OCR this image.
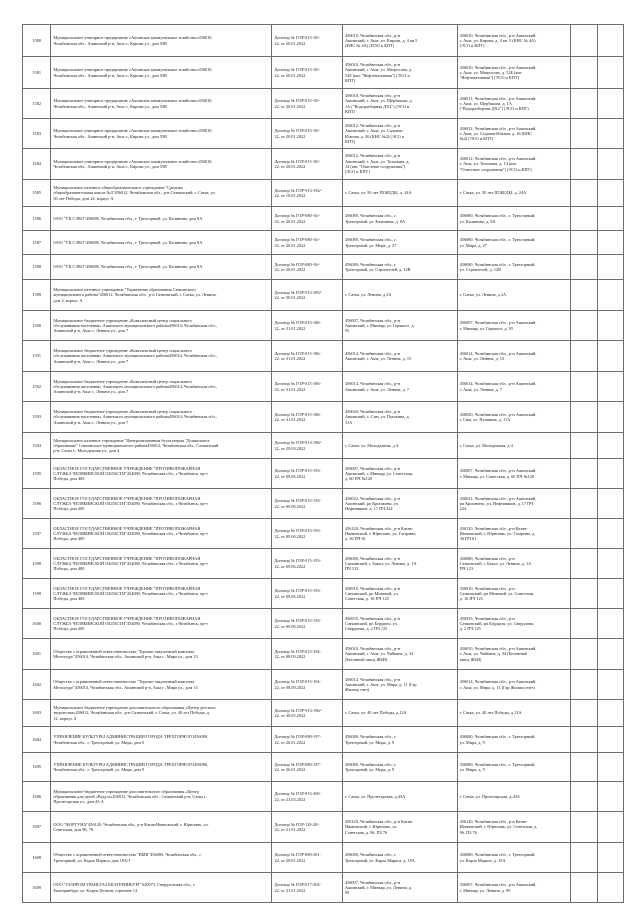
1580	Муниципальное унитарное предприятие «Ашинское коммунальное хозяйство»456010,
Челябинская обл., Ашинский р-н, Аша г., Кирова ул., дом 55В	Договор № ГОР-015-18/-
22, от 20.01.2022	456010, Челябинская обл., р-н
Ашинский, г. Аша, ул. Кирова, д. 4 кв.5
(КНС № 4А) (ПЭО и КПТ)	456010, Челябинская обл., р-н Ашинский,
г. Аша, ул. Кирова, д. 4 кв. 5 (КНС № 4А)
(ЭСО и КПТ)		

1581	Муниципальное унитарное предприятие «Ашинское коммунальное хозяйство»456010,
Челябинская обл., Ашинский р-н, Аша г., Кирова ул., дом 55В	Договор № ГОР-015-18/-
22, от 20.01.2022	456010, Челябинская обл., р-н
Ашинский, г. Аша, ул. Матросова, д.
52Б (кнс "Нефтеналивная") (ЭСО и
КПТ)	456010, Челябинская обл., р-н Ашинский,
г. Аша, ул. Матросова, д. 52Б (кнс
"Нефтеналивная") (ЭСО и КПТ)		

1582	Муниципальное унитарное предприятие «Ашинское коммунальное хозяйство»456010,
Челябинская обл., Ашинский р-н, Аша г., Кирова ул., дом 55В	Договор № ГОР-015-18/-
22, от 20.01.2022	456010, Челябинская обл., р-н
Ашинский, г. Аша, ул. Щербакова, д.
1А ("Водоразборная ДХ2") (ЭСО и
КПТ)	456011, Челябинская обл., р-н Ашинский,
г. Аша, ул. Щербакова, д. 1А
("Водоразборная ДХ2") (ЭСО и КПТ)		

1583	Муниципальное унитарное предприятие «Ашинское коммунальное хозяйство»456010,
Челябинская обл., Ашинский р-н, Аша г., Кирова ул., дом 55В	Договор № ГОР-015-18/-
22, от 20.01.2022	456012, Челябинская обл., р-н
Ашинский, г. Аша, ул. Садовая-
Южная, д. 26 (КНС №2) (ЭСО и
КПТ)	456012, Челябинская обл., р-н Ашинский,
г. Аша, ул. Садовая-Южная, д. 26 (КНС
№2) (ЭСО и КПТ)		

1584	Муниципальное унитарное предприятие «Ашинское коммунальное хозяйство»456010,
Челябинская обл., Ашинский р-н, Аша г., Кирова ул., дом 55В	Договор № ГОР-015-18/-
22, от 20.01.2022	456012, Челябинская обл., р-н
Ашинский, г. Аша, ул. Тельмана, д.
14 (кнс "Очистные сооружения")
(ЭСО и КПТ)	456012, Челябинская обл., р-н Ашинский,
г. Аша, ул. Тельмана, д. 14 (кнс
"Очистные сооружения") (ЭСО и КПТ)		

1585	Муниципальное казенное общеобразовательное учреждение "Средняя
общеобразовательная школа №3"456012, Челябинская обл., р-н Саткинский, г. Сатка, ул.
50 лет Победы, дом 24, корпус А	Договор № ГОР-913-192/-
22, от 10.01.2022	г. Сатка, ул. 50 лет ПОБЕДЫ, д. 24А	г. Сатка, ул. 50 лет ПОБЕДЫ, д. 24А		

1586	ООО "УК СЭКО"456080, Челябинская обл., г. Трехгорный, ул. Калинина, дом 8А	Договор № ГОР-080-16/-
22, от 20.01.2022	456080, Челябинская обл., г.
Трехгорный, ул. Калинина, д. 8А	456080, Челябинская обл., г. Трехгорный,
ул. Калинина, д. 8А		

1587	ООО "УК СЭКО"456080, Челябинская обл., г. Трехгорный, ул. Калинина, дом 8А	Договор № ГОР-080-16/-
22, от 20.01.2022	456080, Челябинская обл., г.
Трехгорный, ул. Мира, д. 27	456080, Челябинская обл., г. Трехгорный,
ул. Мира, д. 27		

1588	ООО "УК СЭКО"456080, Челябинская обл., г. Трехгорный, ул. Калинина, дом 8А	Договор № ГОР-080-16/-
22, от 20.01.2022	456080, Челябинская обл., г.
Трехгорный, ул. Строителей, д. 12В	456080, Челябинская обл., г. Трехгорный,
ул. Строителей, д. 12В		

1589	Муниципальное казенное учреждение "Управление образования Саткинского
муниципального района"456012, Челябинская обл., р-н Саткинский, г. Сатка, ул. Ленина,
дом 2, корпус А	Договор № ГОР-913-185/-
22, от 30.01.2022	г. Сатка, ул. Ленина, д 2А	г. Сатка, ул. Ленина, д 2А		

1590	Муниципальное бюджетное учреждение «Комплексный центр социального
обслуживания населения» Ашинского муниципального района456014, Челябинская обл.,
Ашинский р-н, Аша г., Ленина ул., дом 7	Договор № ГОР-015-186-
22, от 31.01.2022	456007, Челябинская обл., р-н
Ашинский, г. Миньяр, ул. Горького, д.
95	456007, Челябинская обл., р-н Ашинский,
г. Миньяр, ул. Горького, д. 95		

1591	Муниципальное бюджетное учреждение «Комплексный центр социального
обслуживания населения» Ашинского муниципального района456014, Челябинская обл.,
Ашинский р-н, Аша г., Ленина ул., дом 7	Договор № ГОР-015-186-
22, от 31.01.2022	456014, Челябинская обл., р-н
Ашинский, г. Аша, ул. Ленина, д. 15	456014, Челябинская обл., р-н Ашинский,
г. Аша, ул. Ленина, д. 15		

1592	Муниципальное бюджетное учреждение «Комплексный центр социального
обслуживания населения» Ашинского муниципального района456014, Челябинская обл.,
Ашинский р-н, Аша г., Ленина ул., дом 7	Договор № ГОР-015-186-
22, от 31.01.2022	456014, Челябинская обл., р-н
Ашинский, г. Аша, ул. Ленина, д. 7	456014, Челябинская обл., р-н Ашинский,
г. Аша, ул. Ленина, д. 7		

1593	Муниципальное бюджетное учреждение «Комплексный центр социального
обслуживания населения» Ашинского муниципального района456014, Челябинская обл.,
Ашинский р-н, Аша г., Ленина ул., дом 7	Договор № ГОР-015-186-
22, от 31.01.2022	456020, Челябинская обл., р-н
Ашинский, с. Сим, ул. Пушкина, д.
11А	456020, Челябинская обл., р-н Ашинский,
г. Сим, ул. Пушкина, д. 11А		

1594	Муниципальное казенное учреждение "Централизованная бухгалтерия "Дошкольное
образование" Саткинского муниципального района456012, Челябинская обл., Саткинский
р-н, Сатка г., Молодежная ул., дом 4	Договор № ГОР-913-188/-
22, от 29.03.2022	г. Сатка, ул. Молодежная, д 4	г. Сатка, ул. Молодежная, д 4		

1595	ОБЛАСТНОЕ ГОСУДАРСТВЕННОЕ УЧРЕЖДЕНИЕ "ПРОТИВОПОЖАРНАЯ
СЛУЖБА ЧЕЛЯБИНСКОЙ ОБЛАСТИ"454080, Челябинская обл., г.Челябинск, пр-т
Победы, дом 400	Договор № ГОР-015-193-
22, от 09.06.2022	456007, Челябинская обл., р-н
Ашинский, г. Миньяр, ул. Советская,
д. 60 ПЧ №120	456007, Челябинская обл., р-н Ашинский,
г. Миньяр, ул. Советская, д. 60 ПЧ №120		

1596	ОБЛАСТНОЕ ГОСУДАРСТВЕННОЕ УЧРЕЖДЕНИЕ "ПРОТИВОПОЖАРНАЯ
СЛУЖБА ЧЕЛЯБИНСКОЙ ОБЛАСТИ"454080, Челябинская обл., г.Челябинск, пр-т
Победы, дом 400	Договор № ГОР-015-193-
22, от 09.06.2022	456022, Челябинская обл., р-н
Ашинский, рп Кропачево, ул.
Нефтяников, д. 17 ПЧ 224	456022, Челябинская обл., р-н Ашинский,
рп Кропачево, ул. Нефтяников, д. 17 ПЧ
224		

1597	ОБЛАСТНОЕ ГОСУДАРСТВЕННОЕ УЧРЕЖДЕНИЕ "ПРОТИВОПОЖАРНАЯ
СЛУЖБА ЧЕЛЯБИНСКОЙ ОБЛАСТИ"454080, Челябинская обл., г.Челябинск, пр-т
Победы, дом 400	Договор № ГОР-015-193-
22, от 09.06.2022	456120, Челябинская обл., р-н Катав-
Ивановский, г. Юрюзань, ул. Гагарина,
д. 36 ПЧ 61	456120, Челябинская обл., р-н Катав-
Ивановский, г. Юрюзань, ул. Гагарина, д.
36 ПЧ 61		

1598	ОБЛАСТНОЕ ГОСУДАРСТВЕННОЕ УЧРЕЖДЕНИЕ "ПРОТИВОПОЖАРНАЯ
СЛУЖБА ЧЕЛЯБИНСКОЙ ОБЛАСТИ"454080, Челябинская обл., г.Челябинск, пр-т
Победы, дом 400	Договор № ГОР-015-193-
22, от 09.06.2022	456080, Челябинская обл., р-н
Саткинский, г. Бакал, ул. Ленина, д. 1А
ПЧ 123	456080, Челябинская обл., р-н
Саткинский, г. Бакал, ул. Ленина, д. 1А
ПЧ 123		

1599	ОБЛАСТНОЕ ГОСУДАРСТВЕННОЕ УЧРЕЖДЕНИЕ "ПРОТИВОПОЖАРНАЯ
СЛУЖБА ЧЕЛЯБИНСКОЙ ОБЛАСТИ"454080, Челябинская обл., г.Челябинск, пр-т
Победы, дом 400	Договор № ГОР-015-193-
22, от 09.06.2022	456910, Челябинская обл., р-н
Саткинский, рп Межевой, ул.
Советская, д. 16 ПЧ 125	456910, Челябинская обл., р-н
Саткинский, рп Межевой, ул. Советская,
д. 16 ПЧ 125		

1600	ОБЛАСТНОЕ ГОСУДАРСТВЕННОЕ УЧРЕЖДЕНИЕ "ПРОТИВОПОЖАРНАЯ
СЛУЖБА ЧЕЛЯБИНСКОЙ ОБЛАСТИ"454080, Челябинская обл., г.Челябинск, пр-т
Победы, дом 400	Договор № ГОР-015-193-
22, от 09.06.2022	456935, Челябинская обл., р-н
Саткинский, рп Бердяуш, ул.
Свердлова, д. 2 ПЧ 125	456935, Челябинская обл., р-н
Саткинский, рп Бердяуш, ул. Свердлова,
д. 2 ПЧ 125		

1601	Общество с ограниченной ответственностью "Торгово-закупочный комплекс
Металлург"456014, Челябинская обл., Ашинский р-н, Аша г., Мира ул., дом 13	Договор № ГОР-015-194-
22, от 08.09.2022	456010, Челябинская обл., р-н
Ашинский, г. Аша, ул. Чайкина, д. 34
(Бетонный завод ЖБИ)	456010, Челябинская обл., р-н Ашинский,
г. Аша, ул. Чайкина, д. 34 (Бетонный
завод ЖБИ)		

1602	Общество с ограниченной ответственностью "Торгово-закупочный комплекс
Металлург"456014, Челябинская обл., Ашинский р-н, Аша г., Мира ул., дом 13	Договор № ГОР-015-194-
22, от 08.09.2022	456014, Челябинская обл., р-н
Ашинский, г. Аша, ул. Мира, д. 11 (Гар
Жилищ гнез)	456014, Челябинская обл., р-н Ашинский,
г. Аша, ул. Мира, д. 11 (Гар Жилищ гнез)		

1603	Муниципальное бюджетное учреждение дополнительного образования «Центр детского
творчества»456912, Челябинская обл., р-н Саткинский, г. Сатка, ул. 40 лет Победы, д.
12, корпус А	Договор № ГОР-913-196/-
22, от 30.05.2022	г. Сатка, ул. 40 лет Победы, д.12А	г. Сатка, ул. 40 лет Победы, д.12А		

1604	УПРАВЛЕНИЕ КУЛЬТУРЫ АДМИНИСТРАЦИИ ГОРОДА ТРЕХГОРНОГО456080,
Челябинская обл., г. Трехгорный, ул. Мира, дом 9	Договор № ГОР-080-197-
22, от 26.01.2022	456080, Челябинская обл., г.
Трехгорный, ул. Мира, д. 9	456080, Челябинская обл., г. Трехгорный,
ул. Мира, д. 9		

1605	УПРАВЛЕНИЕ КУЛЬТУРЫ АДМИНИСТРАЦИИ ГОРОДА ТРЕХГОРНОГО456080,
Челябинская обл., г. Трехгорный, ул. Мира, дом 9	Договор № ГОР-080-197-
22, от 26.01.2022	456080, Челябинская обл., г.
Трехгорный, ул. Мира, д. 9	456080, Челябинская обл., г. Трехгорный,
ул. Мира, д. 9		

1606	Муниципальное бюджетное учреждение дополнительного образования «Центр
образования для детей «Радуга»456912, Челябинская обл., Саткинский р-н, Сатка г.,
Пролетарская ул., дом 43-А	Договор № ГОР-913-200-
22, от 21.03.2022	г. Сатка, ул. Пролетарская, д.43А	г. Сатка, ул. Пролетарская, д.43А		

1607	ООО "ФОРТУНА"456120, Челябинская обл., р-н Катав-Ивановский, г. Юрюзань, ул.
Советская, дом 96, 76	Договор № ГОР-110-20/-
22, от 21.01.2022	456120, Челябинская обл., р-н Катав-
Ивановский, г. Юрюзань, ул.
Советская, д. 96, ПЗ 76	456120, Челябинская обл., р-н Катав-
Ивановский, г. Юрюзань, ул. Советская, д.
96, ПЗ 76		

1608	Общество с ограниченной ответственностью "ВМК"456080, Челябинская обл., г.
Трехгорный, ул. Карла Маркса, дом 19А/1	Договор № ГОР-080-201-
22, от 20.01.2022	456080, Челябинская обл., г.
Трехгорный, ул. Карла Маркса, д. 19А	456080, Челябинская обл., г. Трехгорный,
ул. Карла Маркса, д. 19А		

1609	ООО "ГАЗПРОМ ТРАНСГАЗ ЕКАТЕРИНБУРГ"620075, Свердловская обл., г.
Екатеринбург, ул. Клары Цеткин, строение 14	Договор № ГОР-017-204-
22, от 21.01.2022	456007, Челябинская обл., р-н
Ашинский, г. Миньяр, ул. Ленина, д.
99	456007, Челябинская обл., р-н Ашинский,
г. Миньяр, ул. Ленина, д. 99		
